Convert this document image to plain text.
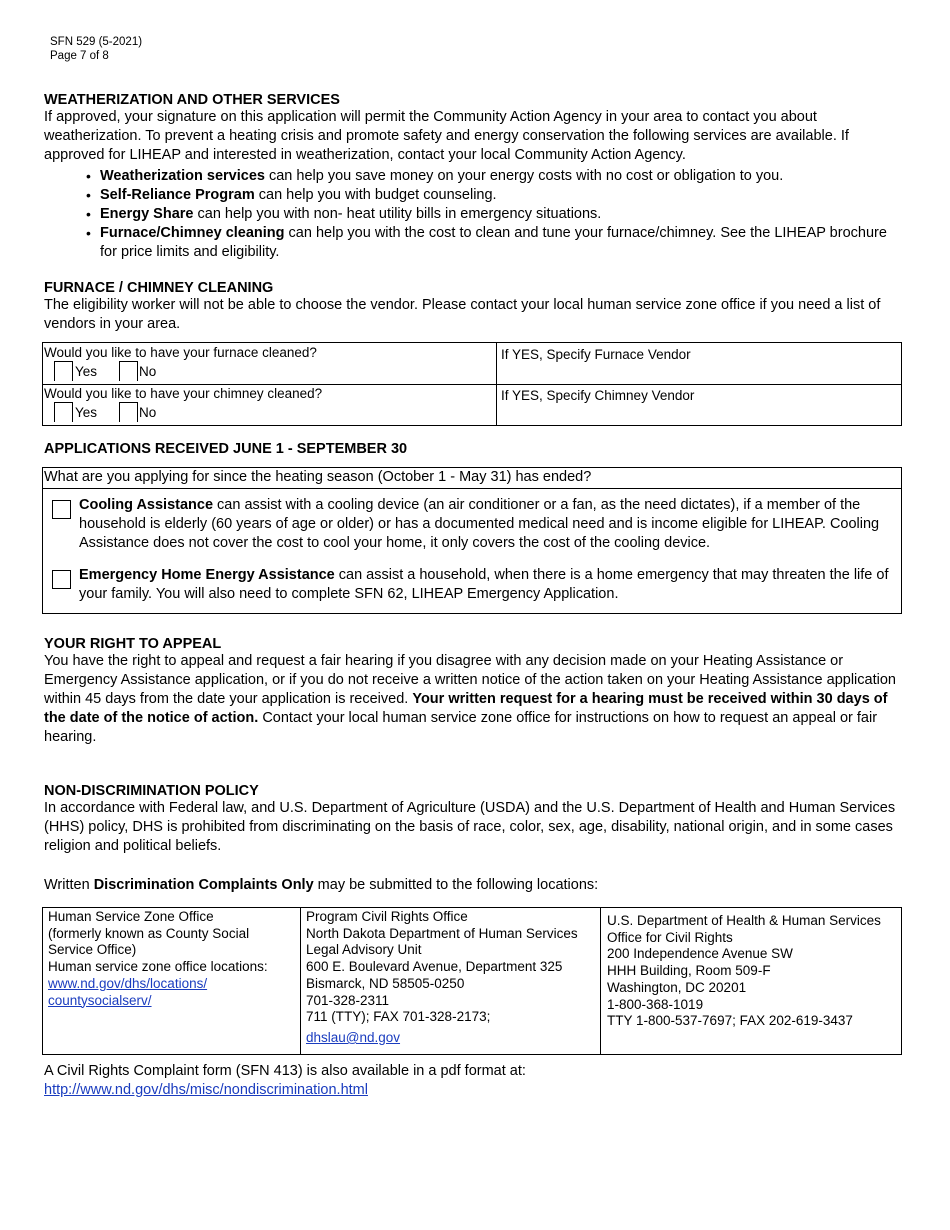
SFN 529 (5-2021)
Page 7 of 8
WEATHERIZATION AND OTHER SERVICES
If approved, your signature on this application will permit the Community Action Agency in your area to contact you about weatherization. To prevent a heating crisis and promote safety and energy conservation the following services are available. If approved for LIHEAP and interested in weatherization, contact your local Community Action Agency.
• Weatherization services can help you save money on your energy costs with no cost or obligation to you.
• Self-Reliance Program can help you with budget counseling.
• Energy Share can help you with non- heat utility bills in emergency situations.
• Furnace/Chimney cleaning can help you with the cost to clean and tune your furnace/chimney. See the LIHEAP brochure for price limits and eligibility.
FURNACE / CHIMNEY CLEANING
The eligibility worker will not be able to choose the vendor. Please contact your local human service zone office if you need a list of vendors in your area.
Would you like to have your furnace cleaned?
Yes	No
If YES, Specify Furnace Vendor
Would you like to have your chimney cleaned?
Yes	No
If YES, Specify Chimney Vendor
APPLICATIONS RECEIVED JUNE 1 - SEPTEMBER 30
What are you applying for since the heating season (October 1 - May 31) has ended?
Cooling Assistance can assist with a cooling device (an air conditioner or a fan, as the need dictates), if a member of the household is elderly (60 years of age or older) or has a documented medical need and is income eligible for LIHEAP. Cooling Assistance does not cover the cost to cool your home, it only covers the cost of the cooling device.
Emergency Home Energy Assistance can assist a household, when there is a home emergency that may threaten the life of your family. You will also need to complete SFN 62, LIHEAP Emergency Application.
YOUR RIGHT TO APPEAL
You have the right to appeal and request a fair hearing if you disagree with any decision made on your Heating Assistance or Emergency Assistance application, or if you do not receive a written notice of the action taken on your Heating Assistance application within 45 days from the date your application is received. Your written request for a hearing must be received within 30 days of the date of the notice of action. Contact your local human service zone office for instructions on how to request an appeal or fair hearing.
NON-DISCRIMINATION POLICY
In accordance with Federal law, and U.S. Department of Agriculture (USDA) and the U.S. Department of Health and Human Services (HHS) policy, DHS is prohibited from discriminating on the basis of race, color, sex, age, disability, national origin, and in some cases religion and political beliefs.
Written Discrimination Complaints Only may be submitted to the following locations:
Human Service Zone Office
(formerly known as County Social
Service Office)
Human service zone office locations:
www.nd.gov/dhs/locations/
countysocialserv/
Program Civil Rights Office
North Dakota Department of Human Services
Legal Advisory Unit
600 E. Boulevard Avenue, Department 325
Bismarck, ND 58505-0250
701-328-2311
711 (TTY); FAX 701-328-2173;
dhslau@nd.gov
U.S. Department of Health & Human Services
Office for Civil Rights
200 Independence Avenue SW
HHH Building, Room 509-F
Washington, DC 20201
1-800-368-1019
TTY 1-800-537-7697; FAX 202-619-3437
A Civil Rights Complaint form (SFN 413) is also available in a pdf format at:
http://www.nd.gov/dhs/misc/nondiscrimination.html
